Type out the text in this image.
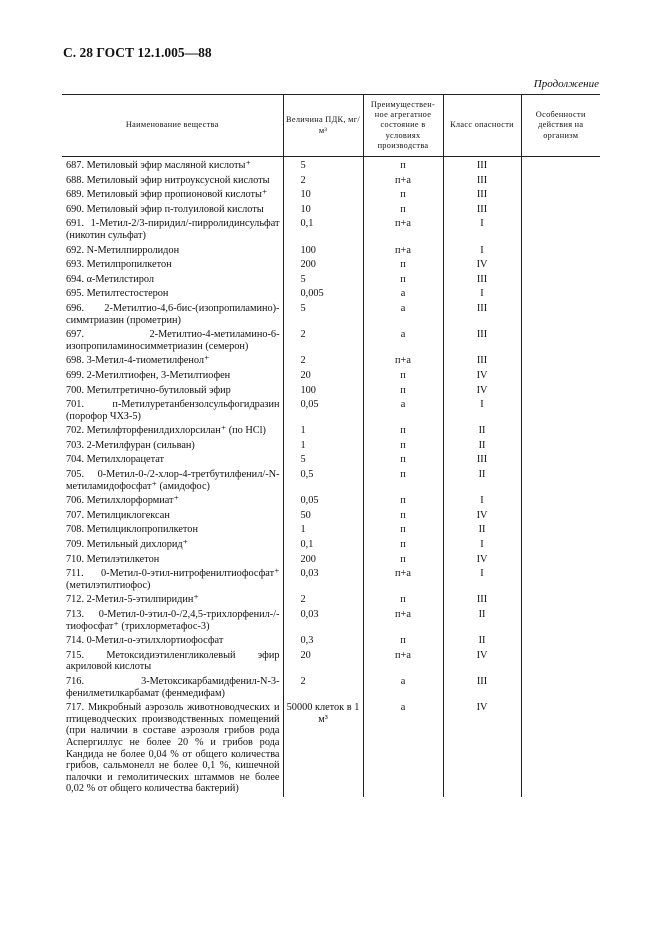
С. 28 ГОСТ 12.1.005—88
Продолжение
Наименование вещества	Величина ПДК, мг/м³	Преимуществен-ное агрегатное состояние в условиях производства	Класс опасности	Особенности действия на организм
687. Метиловый эфир масляной кислоты⁺	5	п	III	
688. Метиловый эфир нитроуксусной кислоты	2	п+а	III	
689. Метиловый эфир пропионовой кислоты⁺	10	п	III	
690. Метиловый эфир п-толуиловой кислоты	10	п	III	
691. 1-Метил-2/3-пиридил/-пирролидинсульфат (никотин сульфат)	0,1	п+а	I	
692. N-Метилпирролидон	100	п+а	I	
693. Метилпропилкетон	200	п	IV	
694. α-Метилстирол	5	п	III	
695. Метилтестостерон	0,005	а	I	
696. 2-Метилтио-4,6-бис-(изопропиламино)-симмтриазин (прометрин)	5	а	III	
697. 2-Метилтио-4-метиламино-6-изопропиламиносимметриазин (семерон)	2	а	III	
698. 3-Метил-4-тиометилфенол⁺	2	п+а	III	
699. 2-Метилтиофен, 3-Метилтиофен	20	п	IV	
700. Метилтретично-бутиловый эфир	100	п	IV	
701. п-Метилуретанбензолсульфогидразин (порофор ЧХЗ-5)	0,05	а	I	
702. Метилфторфенилдихлорсилан⁺ (по HCl)	1	п	II	
703. 2-Метилфуран (сильван)	1	п	II	
704. Метилхлорацетат	5	п	III	
705. 0-Метил-0-/2-хлор-4-третбутилфенил/-N-метиламидофосфат⁺ (амидофос)	0,5	п	II	
706. Метилхлорформиат⁺	0,05	п	I	
707. Метилциклогексан	50	п	IV	
708. Метилциклопропилкетон	1	п	II	
709. Метильный дихлорид⁺	0,1	п	I	
710. Метилэтилкетон	200	п	IV	
711. 0-Метил-0-этил-нитрофенилтиофосфат⁺ (метилэтилтиофос)	0,03	п+а	I	
712. 2-Метил-5-этилпиридин⁺	2	п	III	
713. 0-Метил-0-этил-0-/2,4,5-трихлорфенил-/-тиофосфат⁺ (трихлорметафос-3)	0,03	п+а	II	
714. 0-Метил-о-этилхлортиофосфат	0,3	п	II	
715. Метоксидиэтиленгликолевый эфир акриловой кислоты	20	п+а	IV	
716. 3-Метоксикарбамидфенил-N-3-фенилметилкарбамат (фенмедифам)	2	а	III	
717. Микробный аэрозоль животноводческих и птицеводческих производственных помещений (при наличии в составе аэрозоля грибов рода Аспергиллус не более 20 % и грибов рода Кандида не более 0,04 % от общего количества грибов, сальмонелл не более 0,1 %, кишечной палочки и гемолитических штаммов не более 0,02 % от общего количества бактерий)	50000 клеток в 1 м³	а	IV	
